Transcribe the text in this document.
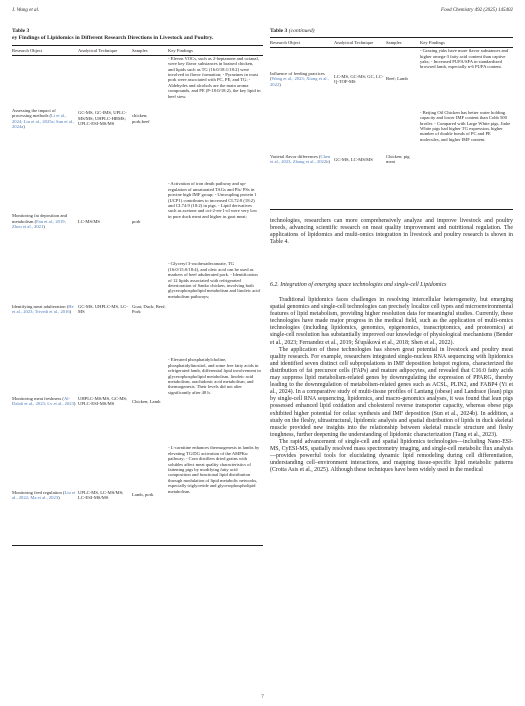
J. Wang et al.	Food Chemistry 492 (2025) 145402
Table 3
ey Findings of Lipidomics in Different Research Directions in Livestock and Poultry.
Research Object	Analytical Technique	Samples	Key Findings
Assessing the impact of processing methods (Li et al., 2024; Liu et al., 2025a; Sun et al., 2024a)	GC-MS, GC-IMS, UPLC-MS/MS; UHPLC-HRMS; UPLC-ESI-MS/MS	chicken; pork;beef	- Eleven VOCs, such as 2-heptanone and octanal, were key flavor substances in braised chicken, and lipids such as TG (16:0/18:1/18:2) were involved in flavor formation; - Pyrazines in roast pork were associated with PC, PE, and TG; -Aldehydes and alcohols are the main aroma compounds, and PE (P-18:0/18:2), the key lipid in beef stew.
Monitoring fat deposition and metabolism (Fan et al., 2019; Zhou et al., 2021)	LC-MS/MS	pork	- Activation of iron death pathway and up-regulation of unsaturated TAGs and Pls/ PSs in porcine high IMF group; - Uncoupling protein 1 (UCP1) contributes to increased CL72:8 (18:2) and CL74:9 (18:2) in pigs. - Lipid derivatives such as acetone and oct-2-en-1-ol were very low in pure duck meat and higher in goat meat;
Identifying meat adulteration (He et al., 2023; Trivedi et al., 2016)	GC-MS, UHPLC-MS, LC-MS	Goat; Duck; Beef; Pork	- Glyceryl 3-oxohexadecanoate, TG (16:0/15:0/18:4), and oleic acid can be used as markers of beef adulterated pork. - Identification of 12 lipids associated with refrigerated deterioration of Sanko chicken, involving both glycerophospholipid metabolism and linoleic acid metabolism pathways;
Monitoring meat freshness (Al-Dalali et al., 2023; Lv et al., 2023)	UHPLC-MS/MS, GC-MS; UPLC-ESI-MS/MS	Chicken; Lamb	- Elevated phosphatidylcholine, phosphatidylinositol, and some free fatty acids in refrigerated lamb, differential lipid involvement in glycerophospholipid metabolism, linoleic acid metabolism, arachidonic acid metabolism, and thermogenesis. Their levels did not alter significantly after 48 h.
Monitoring feed regulation (Liu et al., 2022; Ma et al., 2023)	UPLC-MS, LC-MS/MS; LC-ESI-MS/MS	Lamb, pork	- L-carnitine enhances thermogenesis in lambs by elevating TG/DG activation of the AMPKα pathway; - Corn distillers dried grains with solubles affect meat quality characteristics of fattening pigs by modifying fatty acid composition and functional lipid distribution through modulation of lipid metabolic networks, especially triglyceride and glycerophospholipid metabolism.
Table 3 (continued)
Research Object	Analytical Technique	Samples	Key Findings
Influence of feeding practices (Wang et al., 2023; Xiong et al., 2022)	LC-MS, GC-MS; GC, LC-Q-TOF-MS	Beef; Lamb	- Grazing yaks have more flavor substances and higher omega-3 fatty acid content than captive yaks; - Increased PUFA/SFA in standardized browsed lamb, especially n-6 PUFA content.
Varietal flavor differences (Chen et al., 2023; Zhang et al., 2022b)	GC-MS, LC-MS/MS	Chicken; pig meat	- Beijing Oil Chicken has better water holding capacity and lower IMF content than Cobb 500 broiler. - Compared with Large White pigs, Jinhe White pigs had higher TG expression, higher number of double bonds of PC and PE molecules, and higher IMF content.

technologies, researchers can more comprehensively analyze and improve livestock and poultry breeds, advancing scientific research on meat quality improvement and nutritional regulation. The applications of lipidomics and multi-omics integration in livestock and poultry research is shown in Table 4.

6.2. Integration of emerging space technologies and single-cell Lipidomics

Traditional lipidomics faces challenges in resolving intercellular heterogeneity, but emerging spatial genomics and single-cell technologies can precisely localize cell types and microenvironmental features of lipid metabolism, providing higher resolution data for meaningful studies. Currently, these technologies have made major progress in the medical field, such as the application of multi-omics technologies (including lipidomics, genomics, epigenomics, transcriptomics, and proteomics) at single-cell resolution has substantially improved our knowledge of physiological mechanisms (Bender et al., 2023; Fernandez et al., 2019; Šťupáková et al., 2018; Shen et al., 2022).

The application of these technologies has shown great potential in livestock and poultry meat quality research. For example, researchers integrated single-nucleus RNA sequencing with lipidomics and identified seven distinct cell subpopulations in IMF deposition hotspot regions, characterized the distribution of fat precursor cells (FAPs) and mature adipocytes, and revealed that C16:0 fatty acids may suppress lipid metabolism-related genes by downregulating the expression of PPARG, thereby leading to the downregulation of metabolism-related genes such as ACSL, PLIN2, and FABP4 (Yi et al., 2024). In a comparative study of multi-tissue profiles of Lantang (obese) and Landrace (lean) pigs by single-cell RNA sequencing, lipidomics, and macro-genomics analyses, it was found that lean pigs possessed enhanced lipid oxidation and cholesterol reverse transporter capacity, whereas obese pigs exhibited higher potential for celiac synthesis and IMF deposition (Sun et al., 2024b). In addition, a study on the fleshy, ultrastructural, lipidomic analysis and spatial distribution of lipids in duck skeletal muscle provided new insights into the relationship between skeletal muscle structure and fleshy toughness, further deepening the understanding of lipidomic characterization (Tang et al., 2023).

The rapid advancement of single-cell and spatial lipidomics technologies—including Nano-ESI-MS, CyESI-MS, spatially resolved mass spectrometry imaging, and single-cell metabolic flux analysis—provides powerful tools for elucidating dynamic lipid remodeling during cell differentiation, understanding cell–environment interactions, and mapping tissue-specific lipid metabolic patterns (Crotta Asis et al., 2025). Although these techniques have been widely used in the medical

7
